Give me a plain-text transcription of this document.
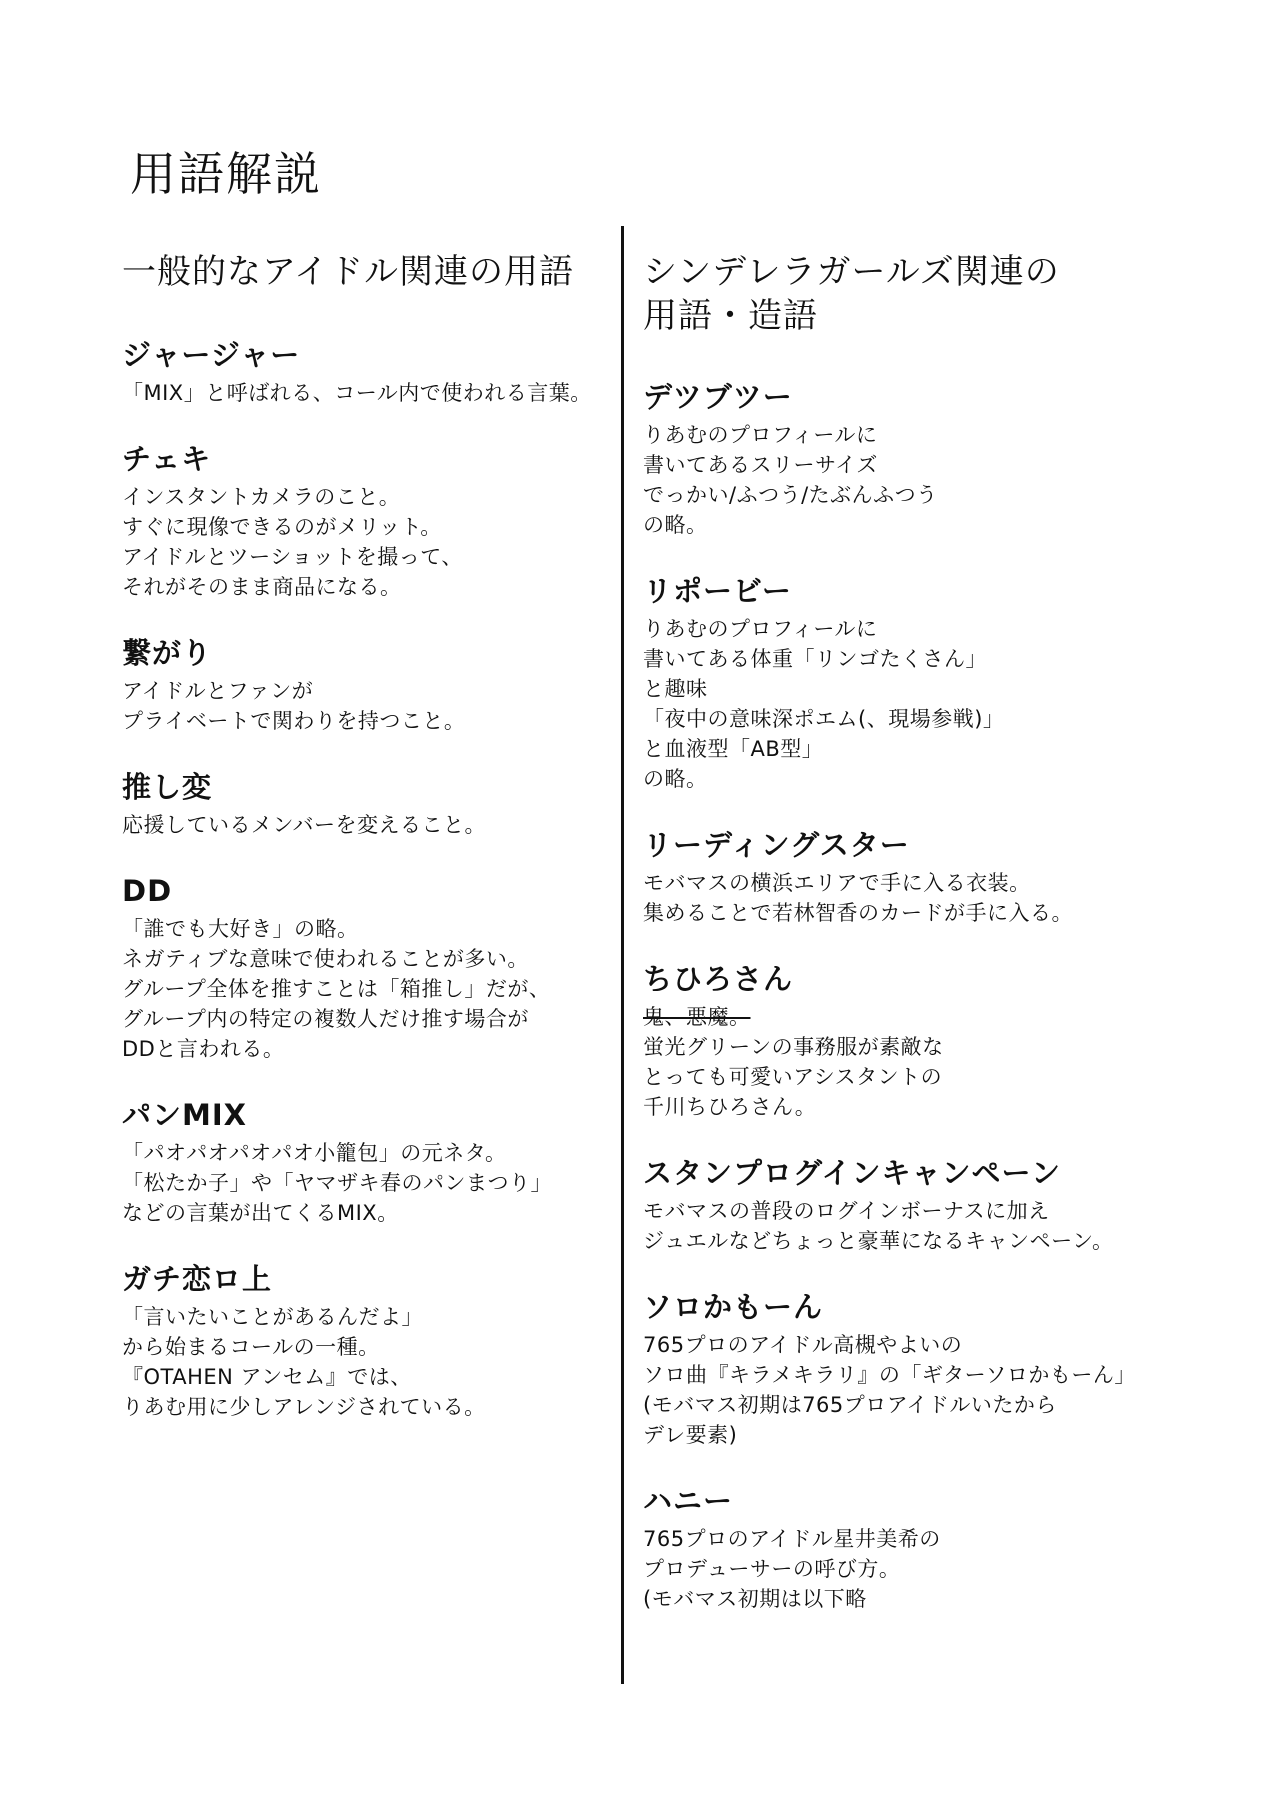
用語解説
一般的なアイドル関連の用語
ジャージャー

「MIX」と呼ばれる、コール内で使われる言葉。

チェキ

インスタントカメラのこと。
すぐに現像できるのがメリット。
アイドルとツーショットを撮って、
それがそのまま商品になる。

繋がり

アイドルとファンが
プライベートで関わりを持つこと。

推し変

応援しているメンバーを変えること。

DD

「誰でも大好き」の略。
ネガティブな意味で使われることが多い。
グループ全体を推すことは「箱推し」だが、
グループ内の特定の複数人だけ推す場合が
DDと言われる。

パンMIX

「パオパオパオパオ小籠包」の元ネタ。
「松たか子」や「ヤマザキ春のパンまつり」
などの言葉が出てくるMIX。

ガチ恋ロ上

「言いたいことがあるんだよ」
から始まるコールの一種。
『OTAHEN アンセム』では、
りあむ用に少しアレンジされている。

シンデレラガールズ関連の
用語・造語
デツブツー

りあむのプロフィールに
書いてあるスリーサイズ
でっかい/ふつう/たぶんふつう
の略。

リポービー

りあむのプロフィールに
書いてある体重「リンゴたくさん」
と趣味
「夜中の意味深ポエム(、現場参戦)」
と血液型「AB型」
の略。

リーディングスター

モバマスの横浜エリアで手に入る衣装。
集めることで若林智香のカードが手に入る。

ちひろさん
鬼、悪魔。

蛍光グリーンの事務服が素敵な
とっても可愛いアシスタントの
千川ちひろさん。

スタンプログインキャンペーン

モバマスの普段のログインボーナスに加え
ジュエルなどちょっと豪華になるキャンペーン。

ソロかもーん

765プロのアイドル高槻やよいの
ソロ曲『キラメキラリ』の「ギターソロかもーん」
(モバマス初期は765プロアイドルいたから
デレ要素)

ハニー

765プロのアイドル星井美希の
プロデューサーの呼び方。
(モバマス初期は以下略
